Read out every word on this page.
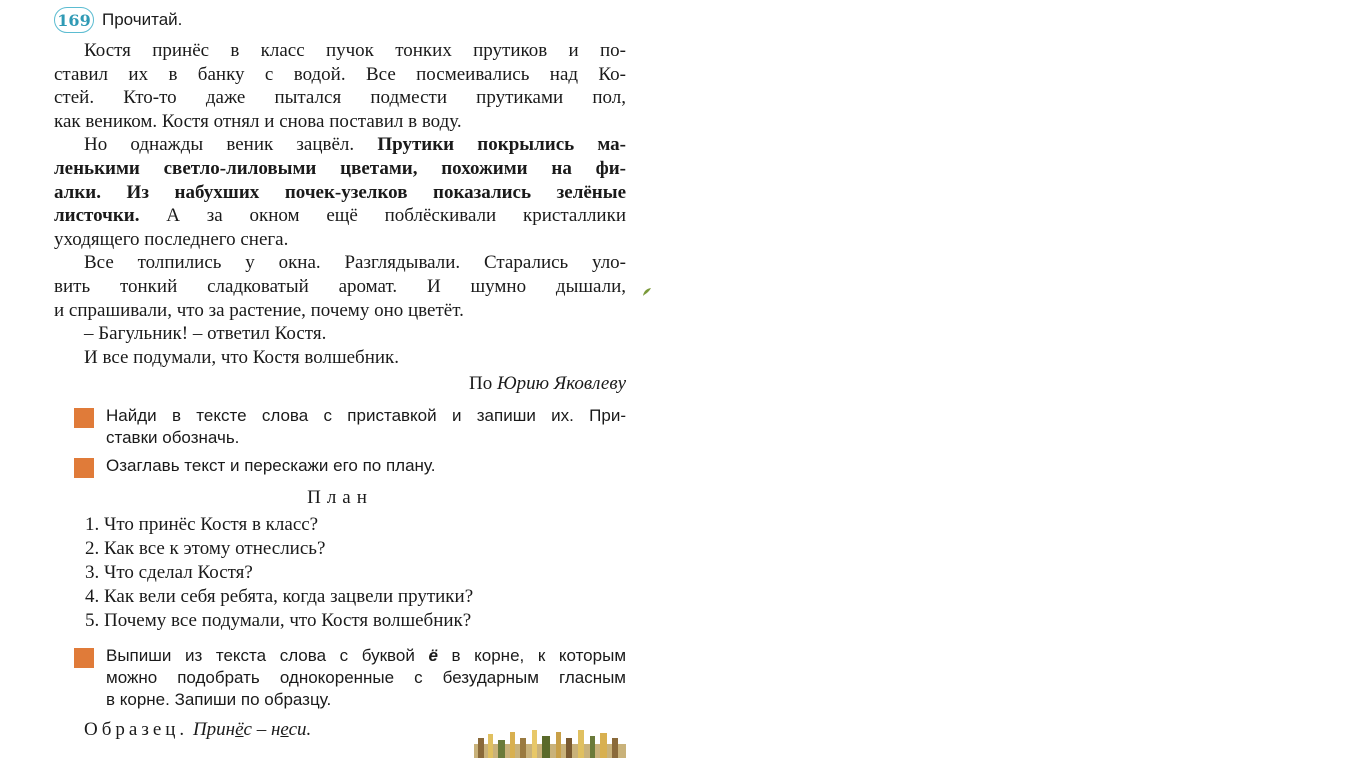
169 Прочитай.
Костя принёс в класс пучок тонких прутиков и по-
ставил их в банку с водой. Все посмеивались над Ко-
стей. Кто-то даже пытался подмести прутиками пол,
как веником. Костя отнял и снова поставил в воду.
Но однажды веник зацвёл. Прутики покрылись ма-
ленькими светло-лиловыми цветами, похожими на фи-
алки. Из набухших почек-узелков показались зелёные
листочки. А за окном ещё поблёскивали кристаллики
уходящего последнего снега.
Все толпились у окна. Разглядывали. Старались уло-
вить тонкий сладковатый аромат. И шумно дышали,
и спрашивали, что за растение, почему оно цветёт.
– Багульник! – ответил Костя.
И все подумали, что Костя волшебник.
По Юрию Яковлеву
Найди в тексте слова с приставкой и запиши их. При-
ставки обозначь.
Озаглавь текст и перескажи его по плану.
План
1. Что принёс Костя в класс?
2. Как все к этому отнеслись?
3. Что сделал Костя?
4. Как вели себя ребята, когда зацвели прутики?
5. Почему все подумали, что Костя волшебник?
Выпиши из текста слова с буквой ё в корне, к которым
можно подобрать однокоренные с безударным гласным
в корне. Запиши по образцу.
Образец. Принёс – неси.
